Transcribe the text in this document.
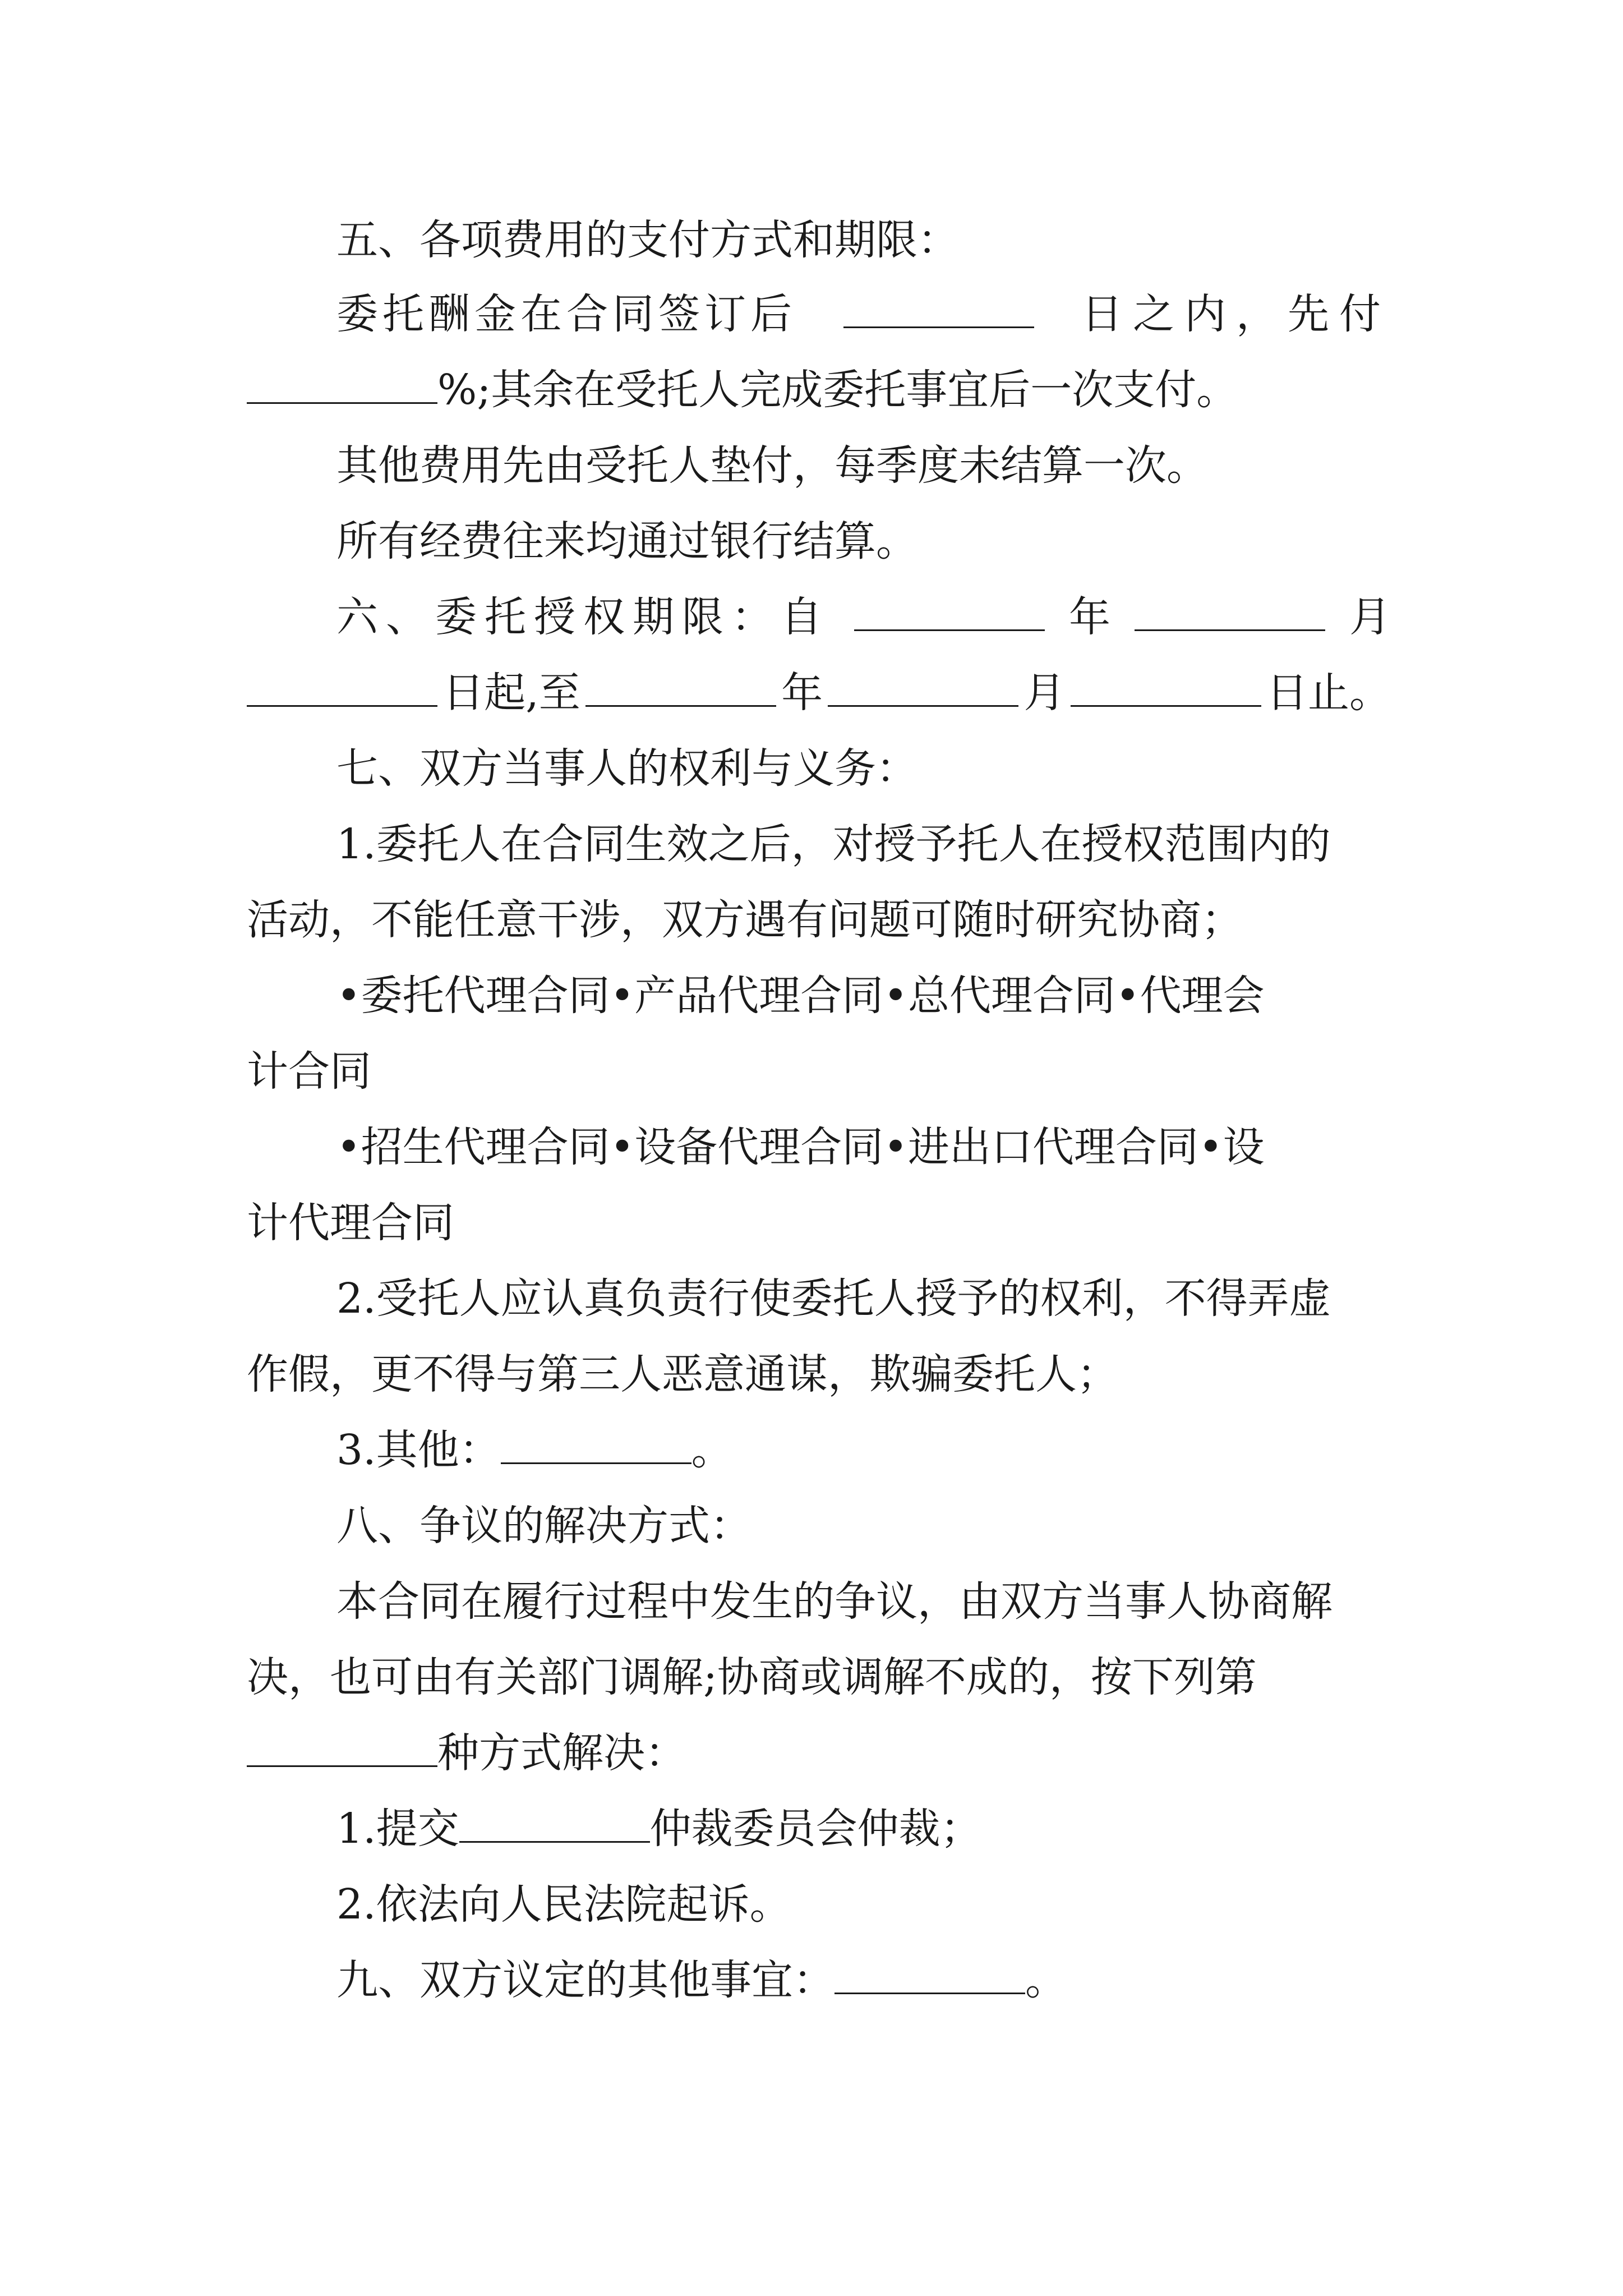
五、各项费用的支付方式和期限：
委托酬金在合同签订后	日之内，先付
%;其余在受托人完成委托事宜后一次支付。
其他费用先由受托人垫付，每季度未结算一次。
所有经费往来均通过银行结算。
六、委托授权期限：自	年	月
日起,至	年	月	日止。
七、双方当事人的权利与义务：
1.委托人在合同生效之后，对授予托人在授权范围内的
活动，不能任意干涉，双方遇有问题可随时研究协商；
•委托代理合同•产品代理合同•总代理合同•代理会
计合同
•招生代理合同•设备代理合同•进出口代理合同•设
计代理合同
2.受托人应认真负责行使委托人授予的权利，不得弄虚
作假，更不得与第三人恶意通谋，欺骗委托人；
3.其他：	。
八、争议的解决方式：
本合同在履行过程中发生的争议，由双方当事人协商解
决，也可由有关部门调解;协商或调解不成的，按下列第
种方式解决：
1.提交	仲裁委员会仲裁；
2.依法向人民法院起诉。
九、双方议定的其他事宜：	。
